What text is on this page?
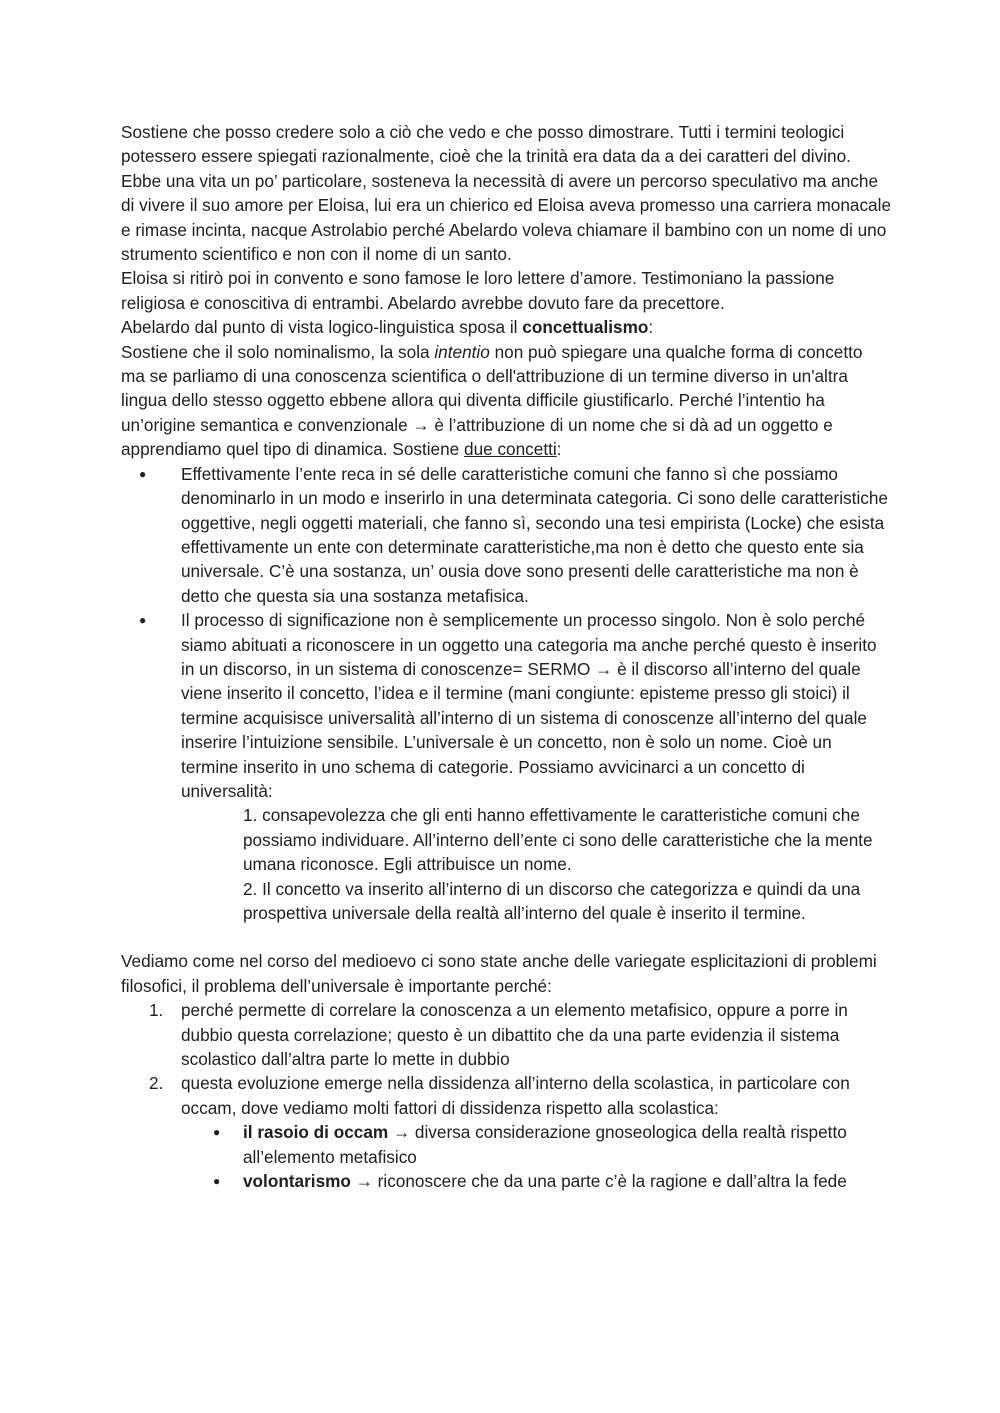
Sostiene che posso credere solo a ciò che vedo e che posso dimostrare. Tutti i termini teologici potessero essere spiegati razionalmente, cioè che la trinità era data da a dei caratteri del divino. Ebbe una vita un po’ particolare, sosteneva la necessità di avere un percorso speculativo ma anche di vivere il suo amore per Eloisa, lui era un chierico ed Eloisa aveva promesso una carriera monacale e rimase incinta, nacque Astrolabio perché Abelardo voleva chiamare il bambino con un nome di uno strumento scientifico e non con il nome di un santo.

Eloisa si ritirò poi in convento e sono famose le loro lettere d’amore. Testimoniano la passione religiosa e conoscitiva di entrambi. Abelardo avrebbe dovuto fare da precettore.

Abelardo dal punto di vista logico-linguistica sposa il concettualismo:

Sostiene che il solo nominalismo, la sola intentio non può spiegare una qualche forma di concetto ma se parliamo di una conoscenza scientifica o dell'attribuzione di un termine diverso in un'altra lingua dello stesso oggetto ebbene allora qui diventa difficile giustificarlo. Perché l’intentio ha un’origine semantica e convenzionale → è l’attribuzione di un nome che si dà ad un oggetto e apprendiamo quel tipo di dinamica. Sostiene due concetti:

● Effettivamente l’ente reca in sé delle caratteristiche comuni che fanno sì che possiamo denominarlo in un modo e inserirlo in una determinata categoria. Ci sono delle caratteristiche oggettive, negli oggetti materiali, che fanno sì, secondo una tesi empirista (Locke) che esista effettivamente un ente con determinate caratteristiche,ma non è detto che questo ente sia universale. C’è una sostanza, un’ ousia dove sono presenti delle caratteristiche ma non è detto che questa sia una sostanza metafisica.
● Il processo di significazione non è semplicemente un processo singolo. Non è solo perché siamo abituati a riconoscere in un oggetto una categoria ma anche perché questo è inserito in un discorso, in un sistema di conoscenze= SERMO → è il discorso all’interno del quale viene inserito il concetto, l’idea e il termine (mani congiunte: episteme presso gli stoici) il termine acquisisce universalità all’interno di un sistema di conoscenze all’interno del quale inserire l’intuizione sensibile. L’universale è un concetto, non è solo un nome. Cioè un termine inserito in uno schema di categorie. Possiamo avvicinarci a un concetto di universalità:
1. consapevolezza che gli enti hanno effettivamente le caratteristiche comuni che possiamo individuare. All’interno dell’ente ci sono delle caratteristiche che la mente umana riconosce. Egli attribuisce un nome.
2. Il concetto va inserito all’interno di un discorso che categorizza e quindi da una prospettiva universale della realtà all’interno del quale è inserito il termine.

Vediamo come nel corso del medioevo ci sono state anche delle variegate esplicitazioni di problemi filosofici, il problema dell’universale è importante perché:

1. perché permette di correlare la conoscenza a un elemento metafisico, oppure a porre in dubbio questa correlazione; questo è un dibattito che da una parte evidenzia il sistema scolastico dall’altra parte lo mette in dubbio
2. questa evoluzione emerge nella dissidenza all’interno della scolastica, in particolare con occam, dove vediamo molti fattori di dissidenza rispetto alla scolastica:
● il rasoio di occam → diversa considerazione gnoseologica della realtà rispetto all’elemento metafisico
● volontarismo → riconoscere che da una parte c’è la ragione e dall’altra la fede
